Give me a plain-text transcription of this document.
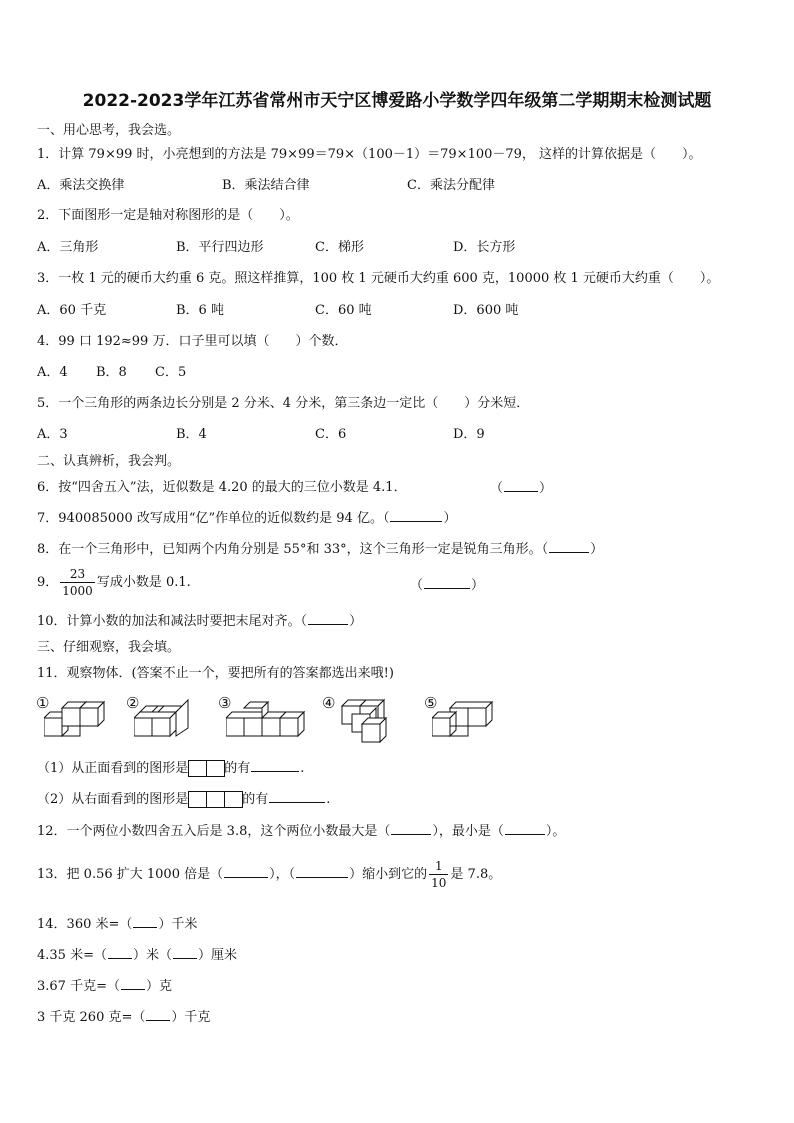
2022-2023学年江苏省常州市天宁区博爱路小学数学四年级第二学期期末检测试题
一、用心思考，我会选。
1．计算 79×99 时，小亮想到的方法是 79×99＝79×（100－1）＝79×100－79， 这样的计算依据是（　　）。
A．乘法交换律	B．乘法结合律	C．乘法分配律
2．下面图形一定是轴对称图形的是（　　）。
A．三角形	B．平行四边形	C．梯形	D．长方形
3．一枚 1 元的硬币大约重 6 克。照这样推算，100 枚 1 元硬币大约重 600 克，10000 枚 1 元硬币大约重（　　）。
A．60 千克	B．6 吨	C．60 吨	D．600 吨
4．99 口 192≈99 万．口子里可以填（　　）个数．
A．4 B．8 C．5
5．一个三角形的两条边长分别是 2 分米、4 分米，第三条边一定比（　　）分米短．
A．3	B．4	C．6	D．9
二、认真辨析，我会判。
6．按“四舍五入”法，近似数是 4.20 的最大的三位小数是 4.1．	（	）
7．940085000 改写成用“亿”作单位的近似数约是 94 亿。（	）
8．在一个三角形中，已知两个内角分别是 55°和 33°，这个三角形一定是锐角三角形。（	）
9． $\frac{23}{1000}$ 写成小数是 0.1.	（	）
10．计算小数的加法和减法时要把末尾对齐。（	）
三、仔细观察，我会填。
11．观察物体．(答案不止一个，要把所有的答案都选出来哦!)
①	②	③	④	⑤
（1）从正面看到的图形是	的有	.
（2）从右面看到的图形是	的有	.
12．一个两位小数四舍五入后是 3.8，这个两位小数最大是（	），最小是（	）。
13．把 0.56 扩大 1000 倍是（	），（	）缩小到它的 $\frac{1}{10}$ 是 7.8。
14．360 米=（ ）千米
4.35 米=（ ）米（ ）厘米
3.67 千克=（ ）克
3 千克 260 克=（ ）千克
